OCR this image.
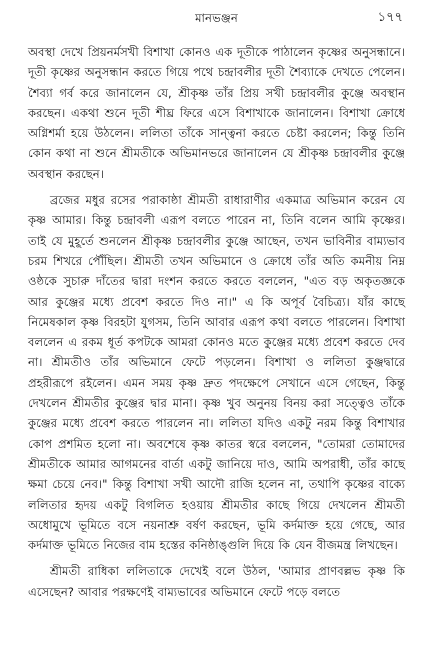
মানভঞ্জন	১৭৭

অবস্থা দেখে প্রিয়নর্মসখী বিশাখা কোনও এক দূতীকে পাঠালেন কৃষ্ণের অনুসন্ধানে। দূতী কৃষ্ণের অনুসন্ধান করতে গিয়ে পথে চন্দ্রাবলীর দূতী শৈব্যাকে দেখতে পেলেন। শৈব্যা গর্ব করে জানালেন যে, শ্রীকৃষ্ণ তাঁর প্রিয় সখী চন্দ্রাবলীর কুঞ্জে অবস্থান করছেন। একথা শুনে দূতী শীঘ্র ফিরে এসে বিশাখাকে জানালেন। বিশাখা ক্রোধে অগ্নিশর্মা হয়ে উঠলেন। ললিতা তাঁকে সান্ত্বনা করতে চেষ্টা করলেন; কিন্তু তিনি কোন কথা না শুনে শ্রীমতীকে অভিমানভরে জানালেন যে শ্রীকৃষ্ণ চন্দ্রাবলীর কুঞ্জে অবস্থান করছেন।

ব্রজের মধুর রসের পরাকাষ্ঠা শ্রীমতী রাধারাণীর একমাত্র অভিমান করেন যে কৃষ্ণ আমার। কিন্তু চন্দ্রাবলী এরূপ বলতে পারেন না, তিনি বলেন আমি কৃষ্ণের। তাই যে মুহূর্তে শুনলেন শ্রীকৃষ্ণ চন্দ্রাবলীর কুঞ্জে আছেন, তখন ভাবিনীর বাম্যভাব চরম শিখরে পৌঁছিল। শ্রীমতী তখন অভিমানে ও ক্রোধে তাঁর অতি কমনীয় নিম্ন ওষ্ঠকে সুচারু দাঁতের দ্বারা দংশন করতে করতে বললেন, "এত বড় অকৃতজ্ঞকে আর কুঞ্জের মধ্যে প্রবেশ করতে দিও না।" এ কি অপূর্ব বৈচিত্র্য। যাঁর কাছে নিমেষকাল কৃষ্ণ বিরহটা যুগসম, তিনি আবার এরূপ কথা বলতে পারলেন। বিশাখা বললেন এ রকম ধূর্ত কপটকে আমরা কোনও মতে কুঞ্জের মধ্যে প্রবেশ করতে দেব না। শ্রীমতীও তাঁর অভিমানে ফেটে পড়লেন। বিশাখা ও ললিতা কুঞ্জদ্বারে প্রহরীরূপে রইলেন। এমন সময় কৃষ্ণ দ্রুত পদক্ষেপে সেখানে এসে গেছেন, কিন্তু দেখলেন শ্রীমতীর কুঞ্জের দ্বার মানা। কৃষ্ণ খুব অনুনয় বিনয় করা সত্ত্বেও তাঁকে কুঞ্জের মধ্যে প্রবেশ করতে পারলেন না। ললিতা যদিও একটু নরম কিন্তু বিশাখার কোপ প্রশমিত হলো না। অবশেষে কৃষ্ণ কাতর স্বরে বললেন, "তোমরা তোমাদের শ্রীমতীকে আমার আগমনের বার্তা একটু জানিয়ে দাও, আমি অপরাধী, তাঁর কাছে ক্ষমা চেয়ে নেব।" কিন্তু বিশাখা সখী আদৌ রাজি হলেন না, তথাপি কৃষ্ণের বাক্যে ললিতার হৃদয় একটু বিগলিত হওয়ায় শ্রীমতীর কাছে গিয়ে দেখলেন শ্রীমতী অধোমুখে ভূমিতে বসে নয়নাশ্রু বর্ষণ করছেন, ভূমি কর্দমাক্ত হয়ে গেছে, আর কর্দমাক্ত ভূমিতে নিজের বাম হস্তের কনিষ্ঠাঙ্গুলি দিয়ে কি যেন বীজমন্ত্র লিখছেন।

শ্রীমতী রাধিকা ললিতাকে দেখেই বলে উঠল, 'আমার প্রাণবল্লভ কৃষ্ণ কি এসেছেন? আবার পরক্ষণেই বাম্যভাবের অভিমানে ফেটে পড়ে বলতে
